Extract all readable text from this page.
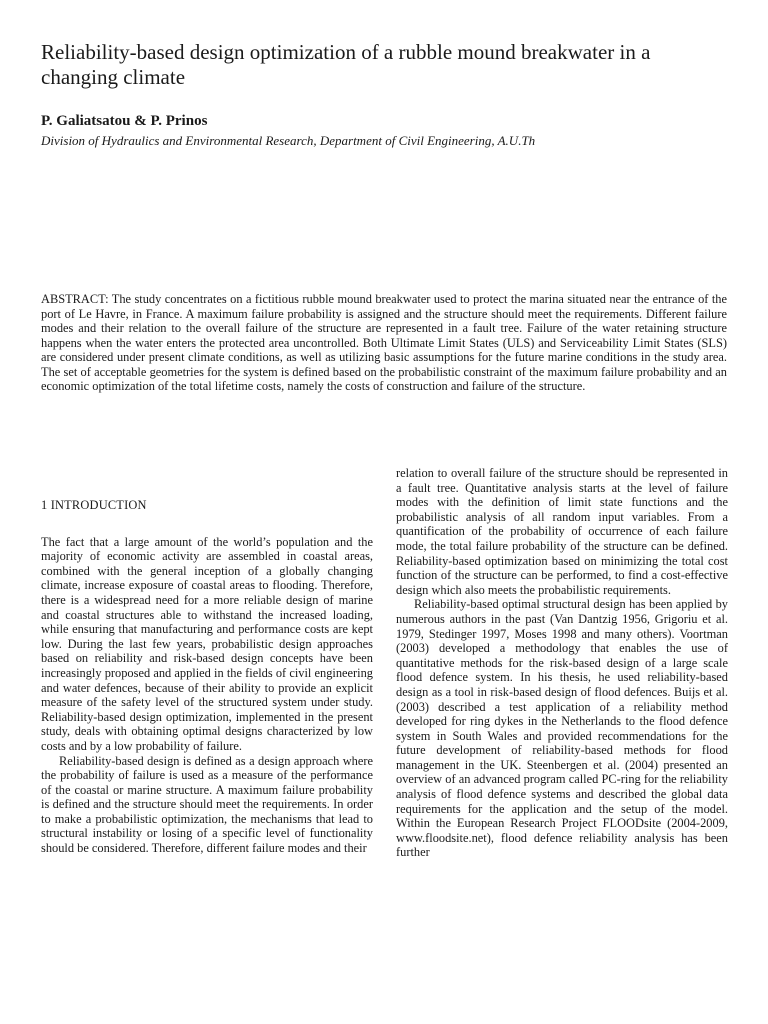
Reliability-based design optimization of a rubble mound breakwater in a changing climate

P. Galiatsatou & P. Prinos

Division of Hydraulics and Environmental Research, Department of Civil Engineering, A.U.Th

ABSTRACT: The study concentrates on a fictitious rubble mound breakwater used to protect the marina situated near the entrance of the port of Le Havre, in France. A maximum failure probability is assigned and the structure should meet the requirements. Different failure modes and their relation to the overall failure of the structure are represented in a fault tree. Failure of the water retaining structure happens when the water enters the protected area uncontrolled. Both Ultimate Limit States (ULS) and Serviceability Limit States (SLS) are considered under present climate conditions, as well as utilizing basic assumptions for the future marine conditions in the study area. The set of acceptable geometries for the system is defined based on the probabilistic constraint of the maximum failure probability and an economic optimization of the total lifetime costs, namely the costs of construction and failure of the structure.

1 INTRODUCTION

The fact that a large amount of the world’s population and the majority of economic activity are assembled in coastal areas, combined with the general inception of a globally changing climate, increase exposure of coastal areas to flooding. Therefore, there is a widespread need for a more reliable design of marine and coastal structures able to withstand the increased loading, while ensuring that manufacturing and performance costs are kept low. During the last few years, probabilistic design approaches based on reliability and risk-based design concepts have been increasingly proposed and applied in the fields of civil engineering and water defences, because of their ability to provide an explicit measure of the safety level of the structured system under study. Reliability-based design optimization, implemented in the present study, deals with obtaining optimal designs characterized by low costs and by a low probability of failure.

Reliability-based design is defined as a design approach where the probability of failure is used as a measure of the performance of the coastal or marine structure. A maximum failure probability is defined and the structure should meet the requirements. In order to make a probabilistic optimization, the mechanisms that lead to structural instability or losing of a specific level of functionality should be considered. Therefore, different failure modes and their

relation to overall failure of the structure should be represented in a fault tree. Quantitative analysis starts at the level of failure modes with the definition of limit state functions and the probabilistic analysis of all random input variables. From a quantification of the probability of occurrence of each failure mode, the total failure probability of the structure can be defined. Reliability-based optimization based on minimizing the total cost function of the structure can be performed, to find a cost-effective design which also meets the probabilistic requirements.

Reliability-based optimal structural design has been applied by numerous authors in the past (Van Dantzig 1956, Grigoriu et al. 1979, Stedinger 1997, Moses 1998 and many others). Voortman (2003) developed a methodology that enables the use of quantitative methods for the risk-based design of a large scale flood defence system. In his thesis, he used reliability-based design as a tool in risk-based design of flood defences. Buijs et al. (2003) described a test application of a reliability method developed for ring dykes in the Netherlands to the flood defence system in South Wales and provided recommendations for the future development of reliability-based methods for flood management in the UK. Steenbergen et al. (2004) presented an overview of an advanced program called PC-ring for the reliability analysis of flood defence systems and described the global data requirements for the application and the setup of the model. Within the European Research Project FLOODsite (2004-2009, www.floodsite.net), flood defence reliability analysis has been further
